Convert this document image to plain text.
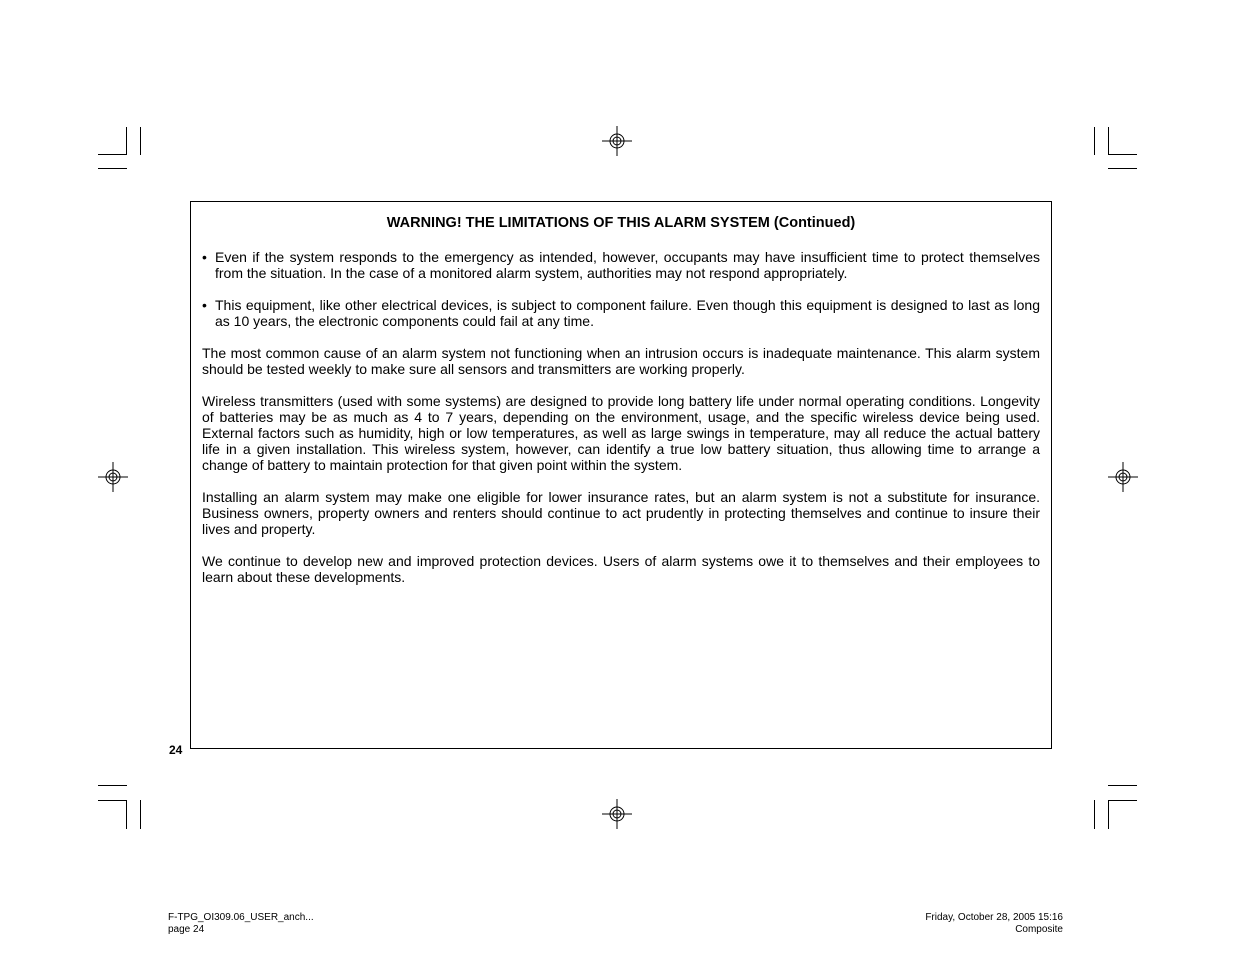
WARNING! THE LIMITATIONS OF THIS ALARM SYSTEM (Continued)
• Even if the system responds to the emergency as intended, however, occupants may have insufficient time to protect themselves from the situation. In the case of a monitored alarm system, authorities may not respond appropriately.
• This equipment, like other electrical devices, is subject to component failure. Even though this equipment is designed to last as long as 10 years, the electronic components could fail at any time.

The most common cause of an alarm system not functioning when an intrusion occurs is inadequate maintenance. This alarm system should be tested weekly to make sure all sensors and transmitters are working properly.

Wireless transmitters (used with some systems) are designed to provide long battery life under normal operating conditions. Longevity of batteries may be as much as 4 to 7 years, depending on the environment, usage, and the specific wireless device being used. External factors such as humidity, high or low temperatures, as well as large swings in temperature, may all reduce the actual battery life in a given installation. This wireless system, however, can identify a true low battery situation, thus allowing time to arrange a change of battery to maintain protection for that given point within the system.

Installing an alarm system may make one eligible for lower insurance rates, but an alarm system is not a substitute for insurance. Business owners, property owners and renters should continue to act prudently in protecting themselves and continue to insure their lives and property.

We continue to develop new and improved protection devices. Users of alarm systems owe it to themselves and their employees to learn about these developments.

24
F-TPG_OI309.06_USER_anch...
page 24
Friday, October 28, 2005 15:16
Composite
